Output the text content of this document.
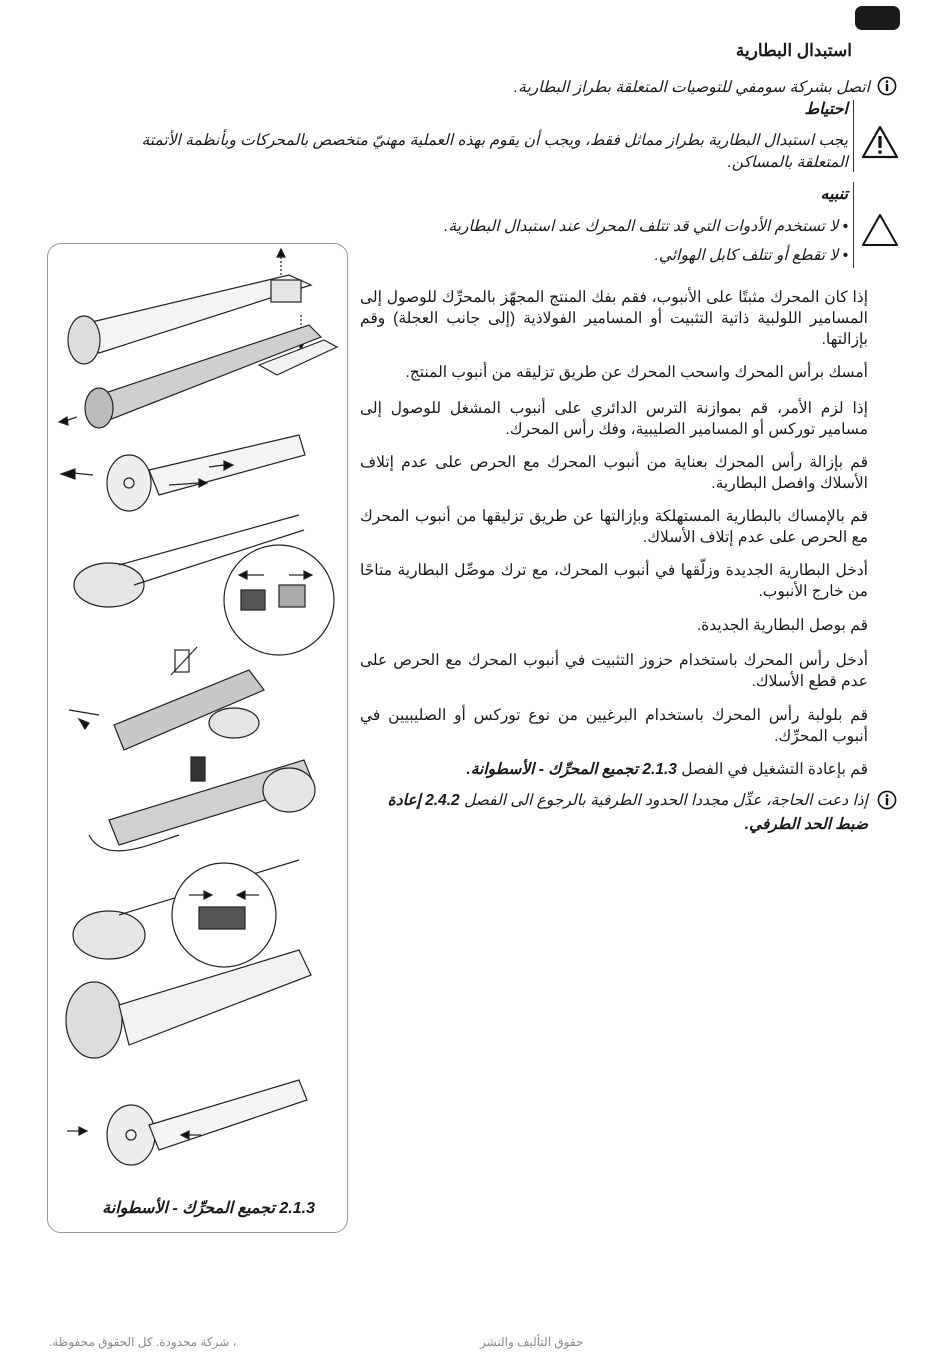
استبدال البطارية
اتصل بشركة سومفي للتوصيات المتعلقة بطراز البطارية.
احتياط
يجب استبدال البطارية بطراز مماثل فقط، ويجب أن يقوم بهذه العملية مهنيّ متخصص بالمحركات وبأنظمة الأتمتة
المتعلقة بالمساكن.
تنبيه
• لا تستخدم الأدوات التي قد تتلف المحرك عند استبدال البطارية.
• لا تقطع أو تتلف كابل الهوائي.
إذا كان المحرك مثبتًا على الأنبوب، فقم بفك المنتج المجهّز بالمحرِّك للوصول إلى المسامير اللولبية ذاتية التثبيت أو المسامير الفولاذية (إلى جانب العجلة) وقم بإزالتها.
أمسك برأس المحرك واسحب المحرك عن طريق تزليقه من أنبوب المنتج.
إذا لزم الأمر، قم بموازنة الترس الدائري على أنبوب المشغل للوصول إلى مسامير توركس أو المسامير الصليبية، وفك رأس المحرك.
قم بإزالة رأس المحرك بعناية من أنبوب المحرك مع الحرص على عدم إتلاف الأسلاك وافصل البطارية.
قم بالإمساك بالبطارية المستهلكة وبإزالتها عن طريق تزليقها من أنبوب المحرك مع الحرص على عدم إتلاف الأسلاك.
أدخل البطارية الجديدة وزلّقها في أنبوب المحرك، مع ترك موصِّل البطارية متاحًا من خارج الأنبوب.
قم بوصل البطارية الجديدة.
أدخل رأس المحرك باستخدام حزوز التثبيت في أنبوب المحرك مع الحرص على عدم قطع الأسلاك.
قم بلولبة رأس المحرك باستخدام البرغيين من نوع توركس أو الصليبيين في أنبوب المحرِّك.
قم بإعادة التشغيل في الفصل 2.1.3 تجميع المحرِّك - الأسطوانة.
إذا دعت الحاجة، عدِّل مجددا الحدود الطرفية بالرجوع الى الفصل 2.4.2 إعادة
ضبط الحد الطرفي.
2.1.3 تجميع المحرِّك - الأسطوانة
، شركة محدودة. كل الحقوق محفوظة.	حقوق التأليف والنشر
